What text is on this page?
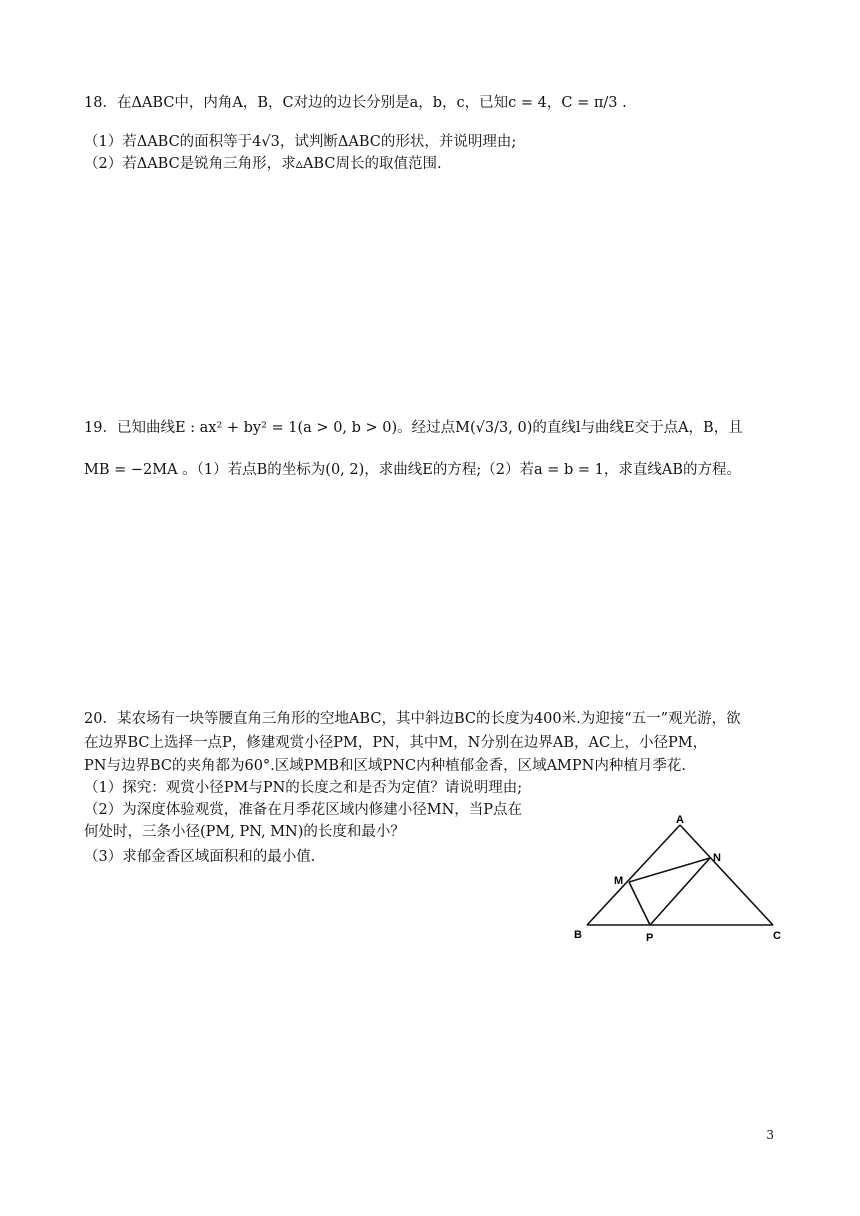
18．在ΔABC中，内角A，B，C对边的边长分别是a，b，c，已知c = 4，C = π/3 .
（1）若ΔABC的面积等于4√3，试判断ΔABC的形状，并说明理由;
（2）若ΔABC是锐角三角形，求▵ABC周长的取值范围.
19．已知曲线E : ax² + by² = 1(a > 0, b > 0)。经过点M(√3/3, 0)的直线l与曲线E交于点A，B，且
MB = −2MA 。（1）若点B的坐标为(0, 2)，求曲线E的方程;（2）若a = b = 1，求直线AB的方程。
20．某农场有一块等腰直角三角形的空地ABC，其中斜边BC的长度为400米.为迎接“五一”观光游，欲
在边界BC上选择一点P，修建观赏小径PM，PN，其中M，N分别在边界AB，AC上，小径PM，
PN与边界BC的夹角都为60°.区域PMB和区域PNC内种植郁金香，区域AMPN内种植月季花.
（1）探究：观赏小径PM与PN的长度之和是否为定值？请说明理由;
（2）为深度体验观赏，准备在月季花区域内修建小径MN，当P点在
何处时，三条小径(PM, PN, MN)的长度和最小？
（3）求郁金香区域面积和的最小值.
A
B	C
M
N
P
3
